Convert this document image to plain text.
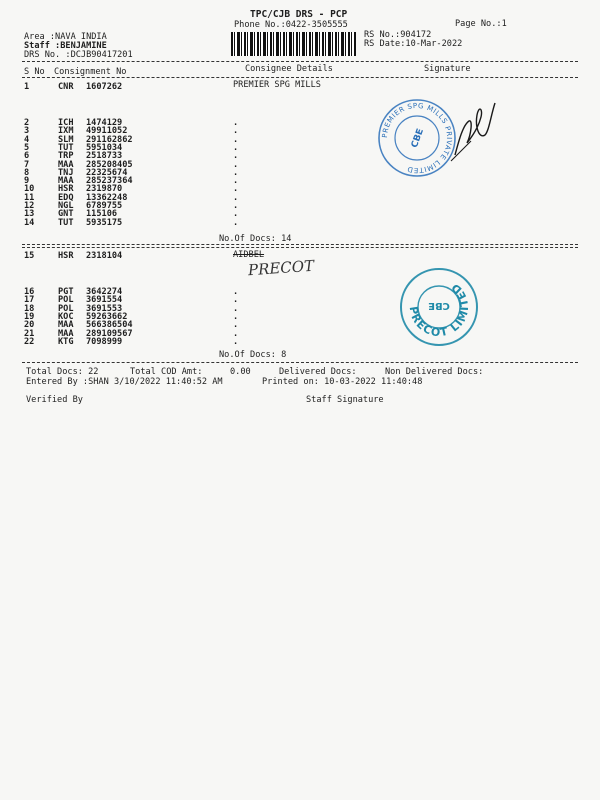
TPC/CJB DRS - PCP
Phone No.:0422-3505555	Page No.:1
RS No.:904172
RS Date:10-Mar-2022
Area :NAVA INDIA
Staff :BENJAMINE
DRS No. :DCJB90417201
S No Consignment No	Consignee Details	Signature
1	CNR 1607262	PREMIER SPG MILLS
2	ICH 1474129	.
3	IXM 49911052	.
4	SLM 291162862	.
5	TUT 5951034	.
6	TRP 2518733	.
7	MAA 285208405	.
8	TNJ 22325674	.
9	MAA 285237364	.
10	HSR 2319870	.
11	EDQ 13362248	.
12	NGL 6789755	.
13	GNT 115106	.
14	TUT 5935175	.
No.Of Docs: 14
15	HSR 2318104	AIDBEL
PRECOT
16	PGT 3642274	.
17	POL 3691554	.
18	POL 3691553	.
19	KOC 59263662	.
20	MAA 566386504	.
21	MAA 289109567	.
22	KTG 7098999	.
No.Of Docs: 8
Total Docs: 22	Total COD Amt:	0.00	Delivered Docs:	Non Delivered Docs:
Entered By :SHAN 3/10/2022 11:40:52 AM	Printed on: 10-03-2022 11:40:48
Verified By	Staff Signature
PREMIER SPG MILLS PRIVATE LIMITED
CBE
PRECOT LIMITED
CBE
